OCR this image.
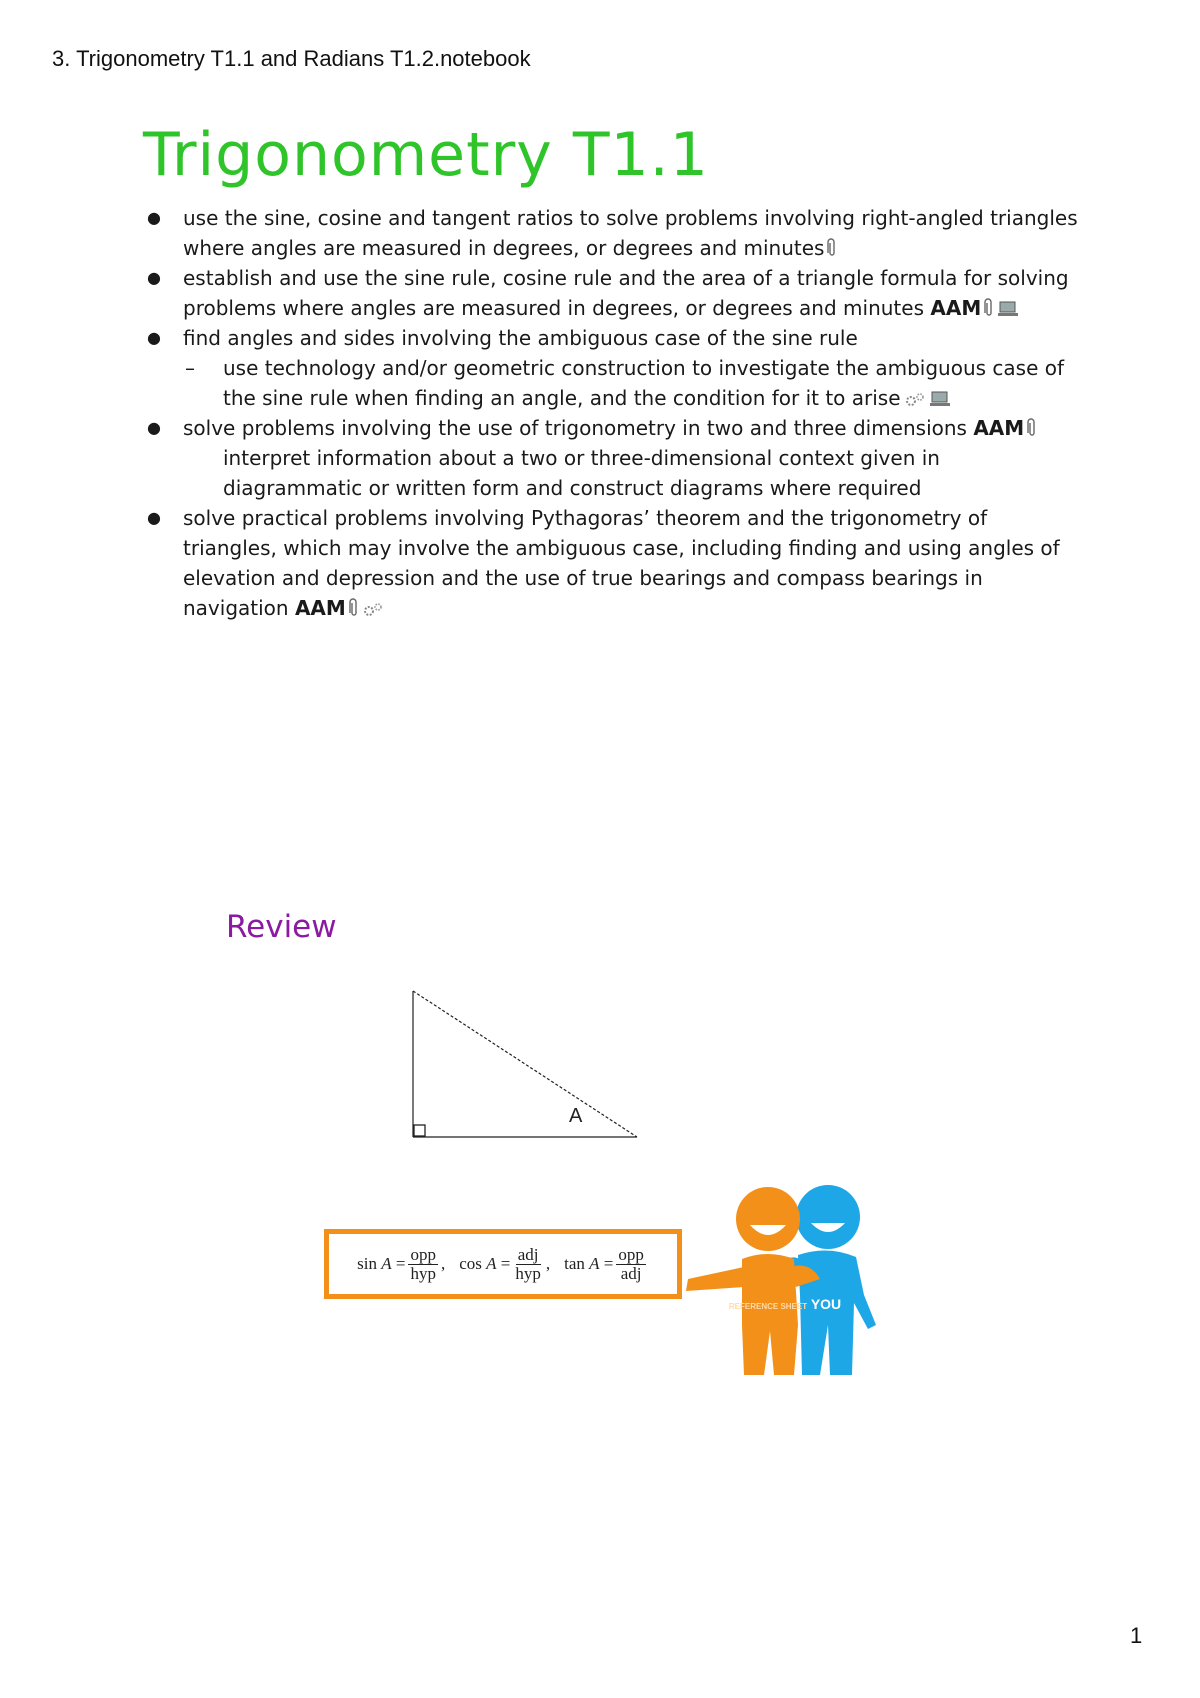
3. Trigonometry T1.1 and Radians T1.2.notebook
Trigonometry T1.1
● use the sine, cosine and tangent ratios to solve problems involving right-angled triangles
where angles are measured in degrees, or degrees and minutes
● establish and use the sine rule, cosine rule and the area of a triangle formula for solving
problems where angles are measured in degrees, or degrees and minutes AAM
● find angles and sides involving the ambiguous case of the sine rule
– use technology and/or geometric construction to investigate the ambiguous case of
the sine rule when finding an angle, and the condition for it to arise
● solve problems involving the use of trigonometry in two and three dimensions AAM
interpret information about a two or three-dimensional context given in
diagrammatic or written form and construct diagrams where required
● solve practical problems involving Pythagoras’ theorem and the trigonometry of
triangles, which may involve the ambiguous case, including finding and using angles of
elevation and depression and the use of true bearings and compass bearings in
navigation AAM
Review
A
sin
A
= $\frac{\text{opp}}{\text{hyp}}$ , cos
A
= $\frac{\text{adj}}{\text{hyp}}$ , tan
A
= $\frac{\text{opp}}{\text{adj}}$
REFERENCE SHEET YOU
1
